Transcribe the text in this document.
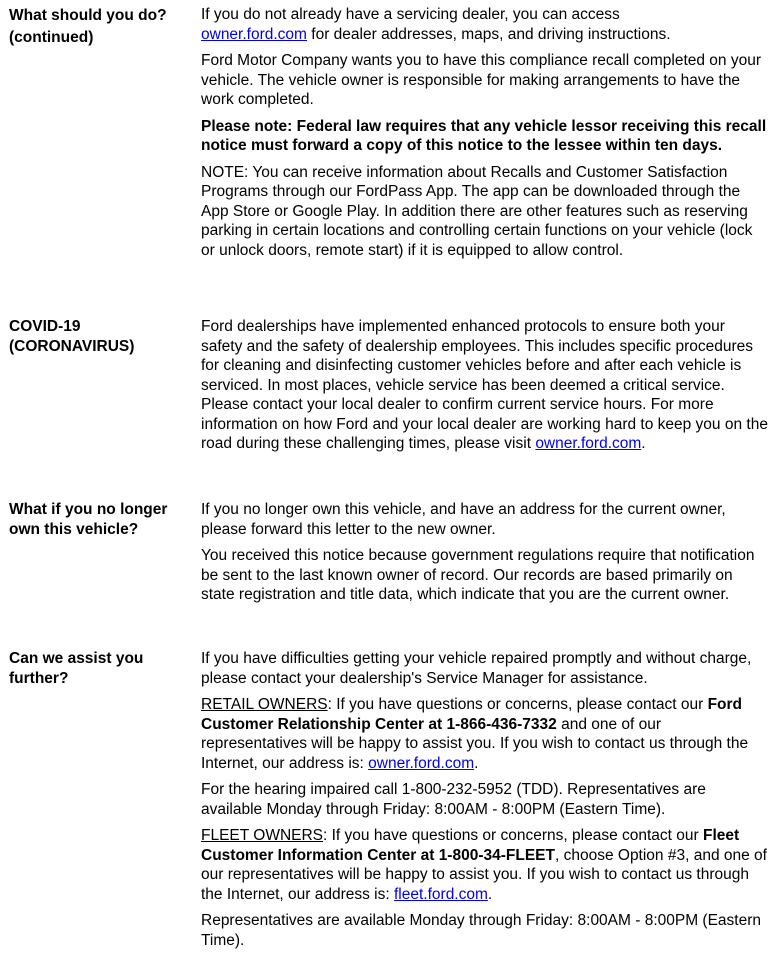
What should you do?
(continued)

If you do not already have a servicing dealer, you can access
owner.ford.com for dealer addresses, maps, and driving instructions.

Ford Motor Company wants you to have this compliance recall completed on your vehicle. The vehicle owner is responsible for making arrangements to have the work completed.

Please note: Federal law requires that any vehicle lessor receiving this recall notice must forward a copy of this notice to the lessee within ten days.

NOTE: You can receive information about Recalls and Customer Satisfaction Programs through our FordPass App. The app can be downloaded through the App Store or Google Play. In addition there are other features such as reserving parking in certain locations and controlling certain functions on your vehicle (lock or unlock doors, remote start) if it is equipped to allow control.

COVID-19
(CORONAVIRUS)

Ford dealerships have implemented enhanced protocols to ensure both your safety and the safety of dealership employees. This includes specific procedures for cleaning and disinfecting customer vehicles before and after each vehicle is serviced. In most places, vehicle service has been deemed a critical service. Please contact your local dealer to confirm current service hours. For more information on how Ford and your local dealer are working hard to keep you on the road during these challenging times, please visit owner.ford.com.

What if you no longer
own this vehicle?

If you no longer own this vehicle, and have an address for the current owner, please forward this letter to the new owner.

You received this notice because government regulations require that notification be sent to the last known owner of record. Our records are based primarily on state registration and title data, which indicate that you are the current owner.

Can we assist you
further?

If you have difficulties getting your vehicle repaired promptly and without charge, please contact your dealership's Service Manager for assistance.

RETAIL OWNERS: If you have questions or concerns, please contact our Ford Customer Relationship Center at 1-866-436-7332 and one of our representatives will be happy to assist you. If you wish to contact us through the Internet, our address is: owner.ford.com.

For the hearing impaired call 1-800-232-5952 (TDD). Representatives are available Monday through Friday: 8:00AM - 8:00PM (Eastern Time).

FLEET OWNERS: If you have questions or concerns, please contact our Fleet Customer Information Center at 1-800-34-FLEET, choose Option #3, and one of our representatives will be happy to assist you. If you wish to contact us through the Internet, our address is: fleet.ford.com.

Representatives are available Monday through Friday: 8:00AM - 8:00PM (Eastern Time).
